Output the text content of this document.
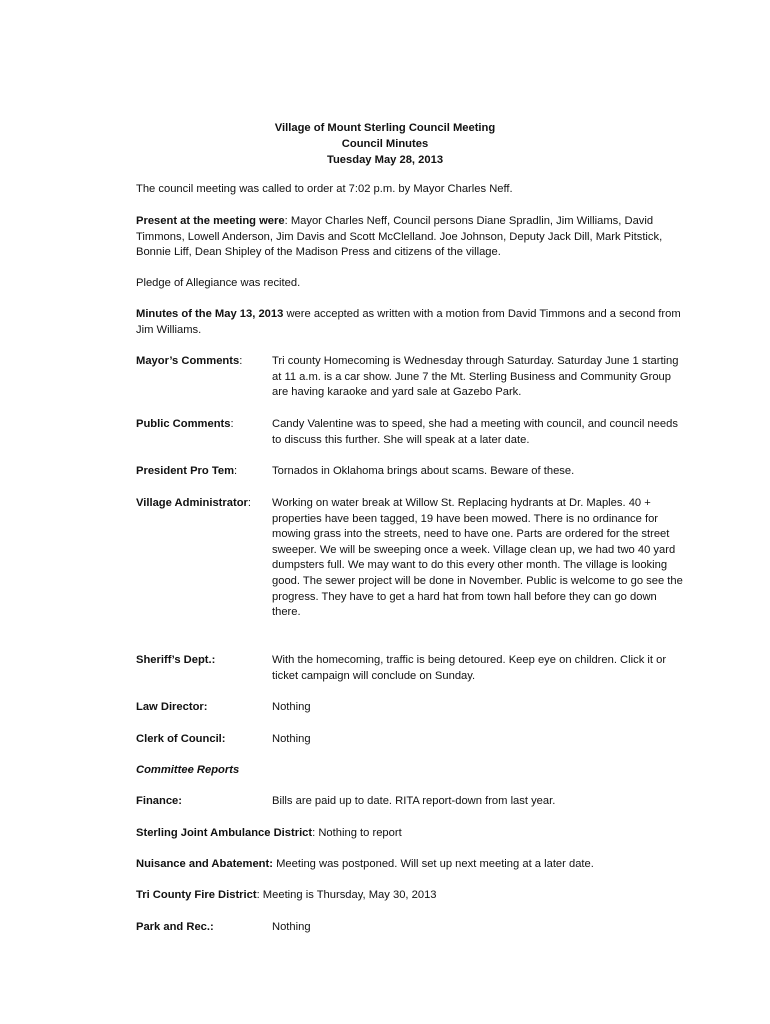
Village of Mount Sterling Council Meeting
Council Minutes
Tuesday May 28, 2013
The council meeting was called to order at 7:02 p.m. by Mayor Charles Neff.
Present at the meeting were: Mayor Charles Neff, Council persons Diane Spradlin, Jim Williams, David Timmons, Lowell Anderson, Jim Davis and Scott McClelland. Joe Johnson, Deputy Jack Dill, Mark Pitstick, Bonnie Liff, Dean Shipley of the Madison Press and citizens of the village.
Pledge of Allegiance was recited.
Minutes of the May 13, 2013 were accepted as written with a motion from David Timmons and a second from Jim Williams.
Mayor’s Comments:	Tri county Homecoming is Wednesday through Saturday. Saturday June 1 starting at 11 a.m. is a car show. June 7 the Mt. Sterling Business and Community Group are having karaoke and yard sale at Gazebo Park.
Public Comments:	Candy Valentine was to speed, she had a meeting with council, and council needs to discuss this further. She will speak at a later date.
President Pro Tem:	Tornados in Oklahoma brings about scams. Beware of these.
Village Administrator: Working on water break at Willow St. Replacing hydrants at Dr. Maples. 40 + properties have been tagged, 19 have been mowed. There is no ordinance for mowing grass into the streets, need to have one. Parts are ordered for the street sweeper. We will be sweeping once a week. Village clean up, we had two 40 yard dumpsters full. We may want to do this every other month. The village is looking good. The sewer project will be done in November. Public is welcome to go see the progress. They have to get a hard hat from town hall before they can go down there.
Sheriff’s Dept.:	With the homecoming, traffic is being detoured. Keep eye on children. Click it or ticket campaign will conclude on Sunday.
Law Director:	Nothing
Clerk of Council:	Nothing
Committee Reports
Finance:	Bills are paid up to date. RITA report-down from last year.
Sterling Joint Ambulance District: Nothing to report
Nuisance and Abatement: Meeting was postponed. Will set up next meeting at a later date.
Tri County Fire District: Meeting is Thursday, May 30, 2013
Park and Rec.:	Nothing
